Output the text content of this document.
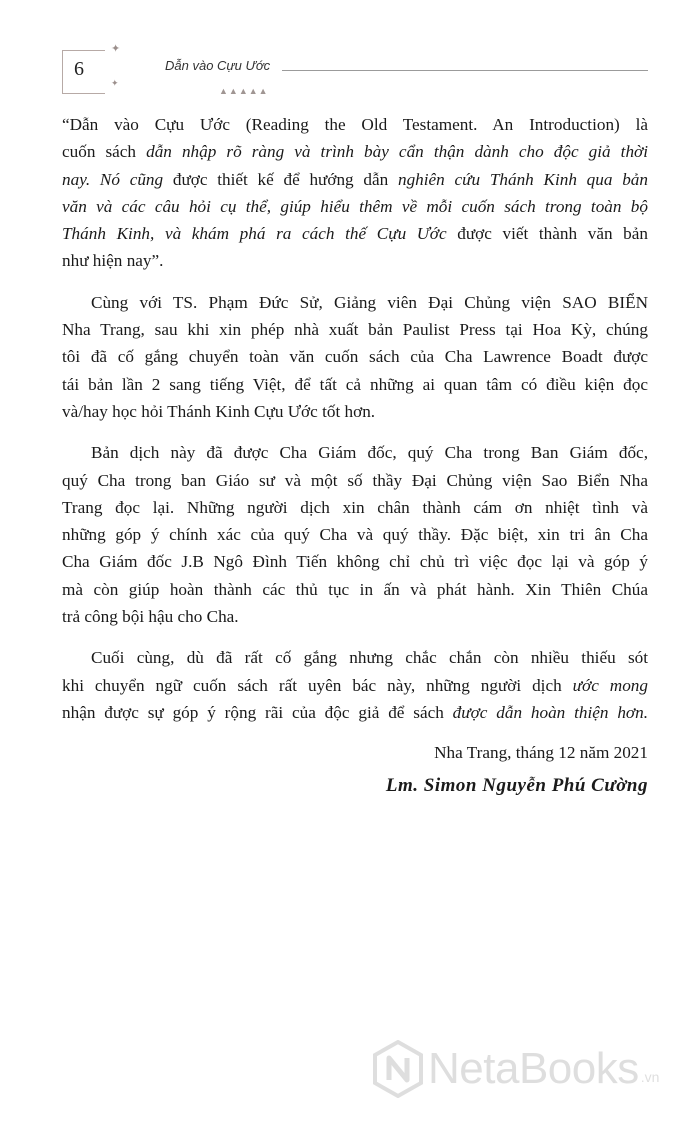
6
✦
✦
Dẫn vào Cựu Ước
▲▲▲▲▲

“Dẫn vào Cựu Ước (Reading the Old Testament. An Introduction) là
cuốn sách dẫn nhập rõ ràng và trình bày cẩn thận dành cho độc giả thời
nay. Nó cũng được thiết kế để hướng dẫn nghiên cứu Thánh Kinh qua bản
văn và các câu hỏi cụ thể, giúp hiểu thêm về mỗi cuốn sách trong toàn bộ
Thánh Kinh, và khám phá ra cách thế Cựu Ước được viết thành văn bản
như hiện nay”.

Cùng với TS. Phạm Đức Sử, Giảng viên Đại Chủng viện SAO BIỂN
Nha Trang, sau khi xin phép nhà xuất bản Paulist Press tại Hoa Kỳ, chúng
tôi đã cố gắng chuyển toàn văn cuốn sách của Cha Lawrence Boadt được
tái bản lần 2 sang tiếng Việt, để tất cả những ai quan tâm có điều kiện đọc
và/hay học hỏi Thánh Kinh Cựu Ước tốt hơn.

Bản dịch này đã được Cha Giám đốc, quý Cha trong Ban Giám đốc,
quý Cha trong ban Giáo sư và một số thầy Đại Chủng viện Sao Biển Nha
Trang đọc lại. Những người dịch xin chân thành cám ơn nhiệt tình và
những góp ý chính xác của quý Cha và quý thầy. Đặc biệt, xin tri ân Cha
Cha Giám đốc J.B Ngô Đình Tiến không chỉ chủ trì việc đọc lại và góp ý
mà còn giúp hoàn thành các thủ tục in ấn và phát hành. Xin Thiên Chúa
trả công bội hậu cho Cha.

Cuối cùng, dù đã rất cố gắng nhưng chắc chắn còn nhiều thiếu sót
khi chuyển ngữ cuốn sách rất uyên bác này, những người dịch ước mong
nhận được sự góp ý rộng rãi của độc giả để sách được dẫn hoàn thiện hơn.

Nha Trang, tháng 12 năm 2021
Lm. Simon Nguyễn Phú Cường
NetaBooks .vn
